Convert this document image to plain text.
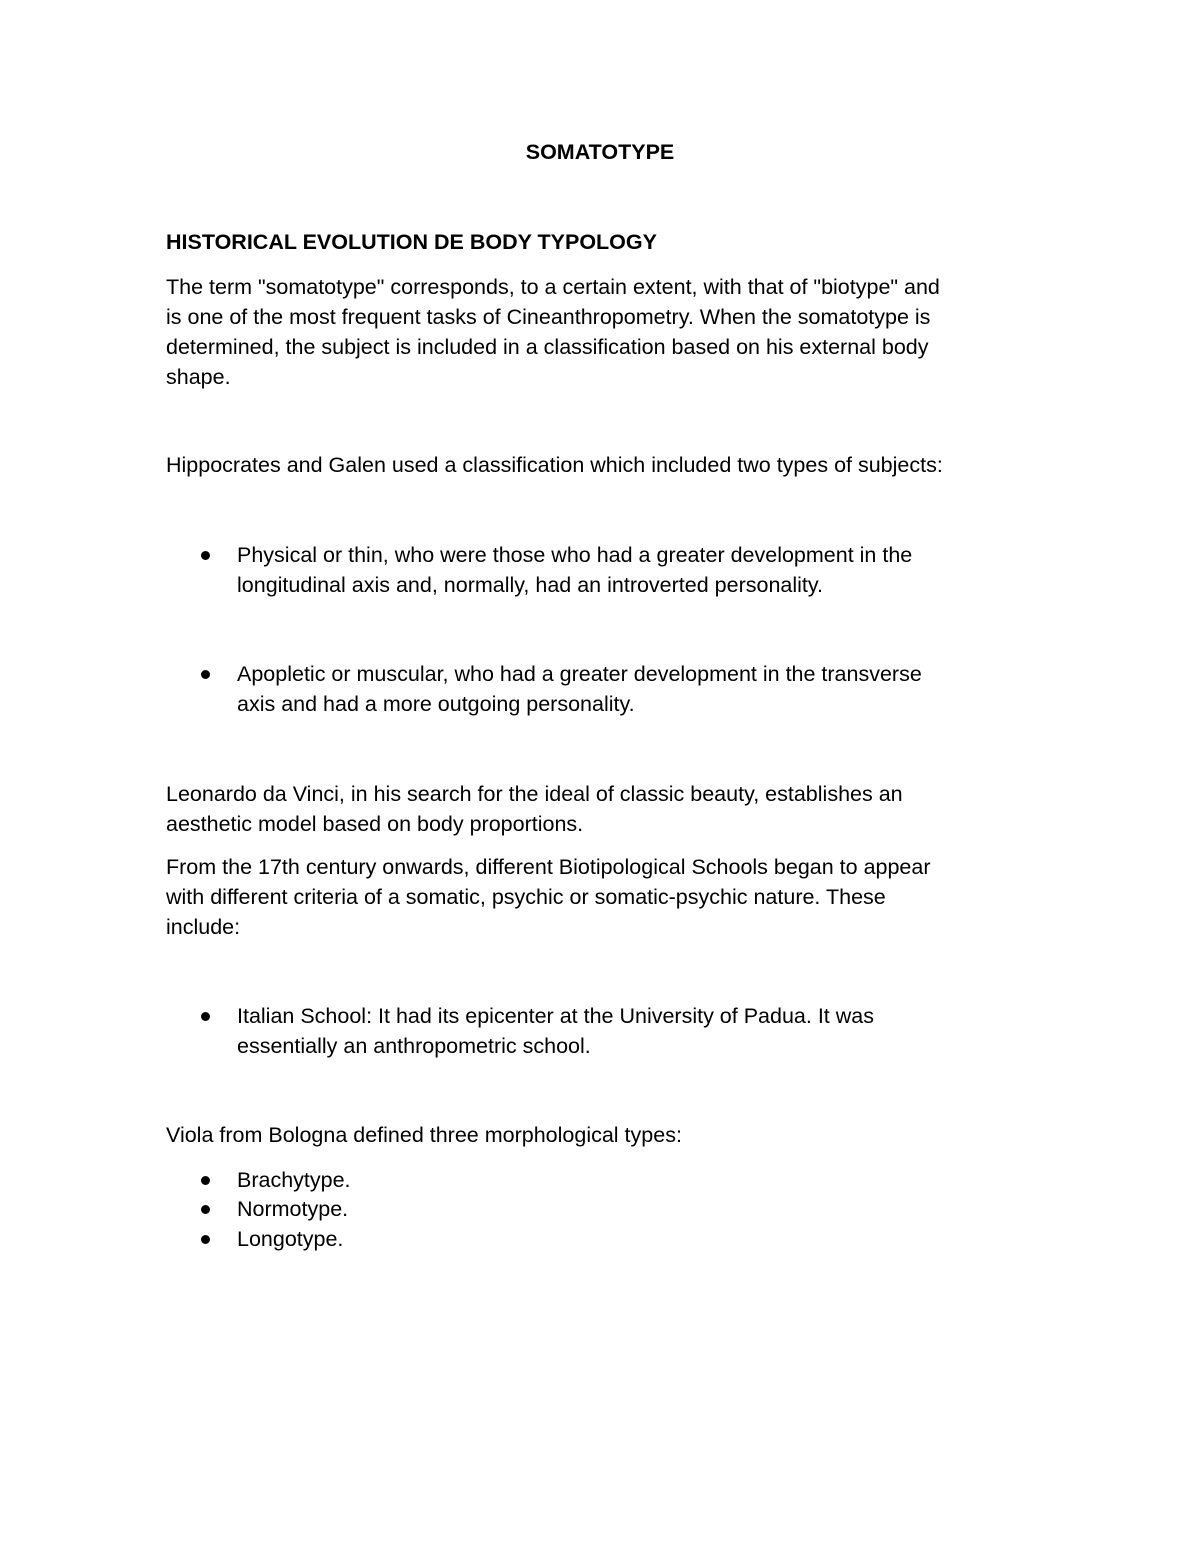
SOMATOTYPE
HISTORICAL EVOLUTION DE BODY TYPOLOGY
The term "somatotype" corresponds, to a certain extent, with that of "biotype" and
is one of the most frequent tasks of Cineanthropometry. When the somatotype is
determined, the subject is included in a classification based on his external body
shape.
Hippocrates and Galen used a classification which included two types of subjects:
Physical or thin, who were those who had a greater development in the
longitudinal axis and, normally, had an introverted personality.
Apopletic or muscular, who had a greater development in the transverse
axis and had a more outgoing personality.
Leonardo da Vinci, in his search for the ideal of classic beauty, establishes an
aesthetic model based on body proportions.
From the 17th century onwards, different Biotipological Schools began to appear
with different criteria of a somatic, psychic or somatic-psychic nature. These
include:
Italian School: It had its epicenter at the University of Padua. It was
essentially an anthropometric school.
Viola from Bologna defined three morphological types:
Brachytype.
Normotype.
Longotype.
